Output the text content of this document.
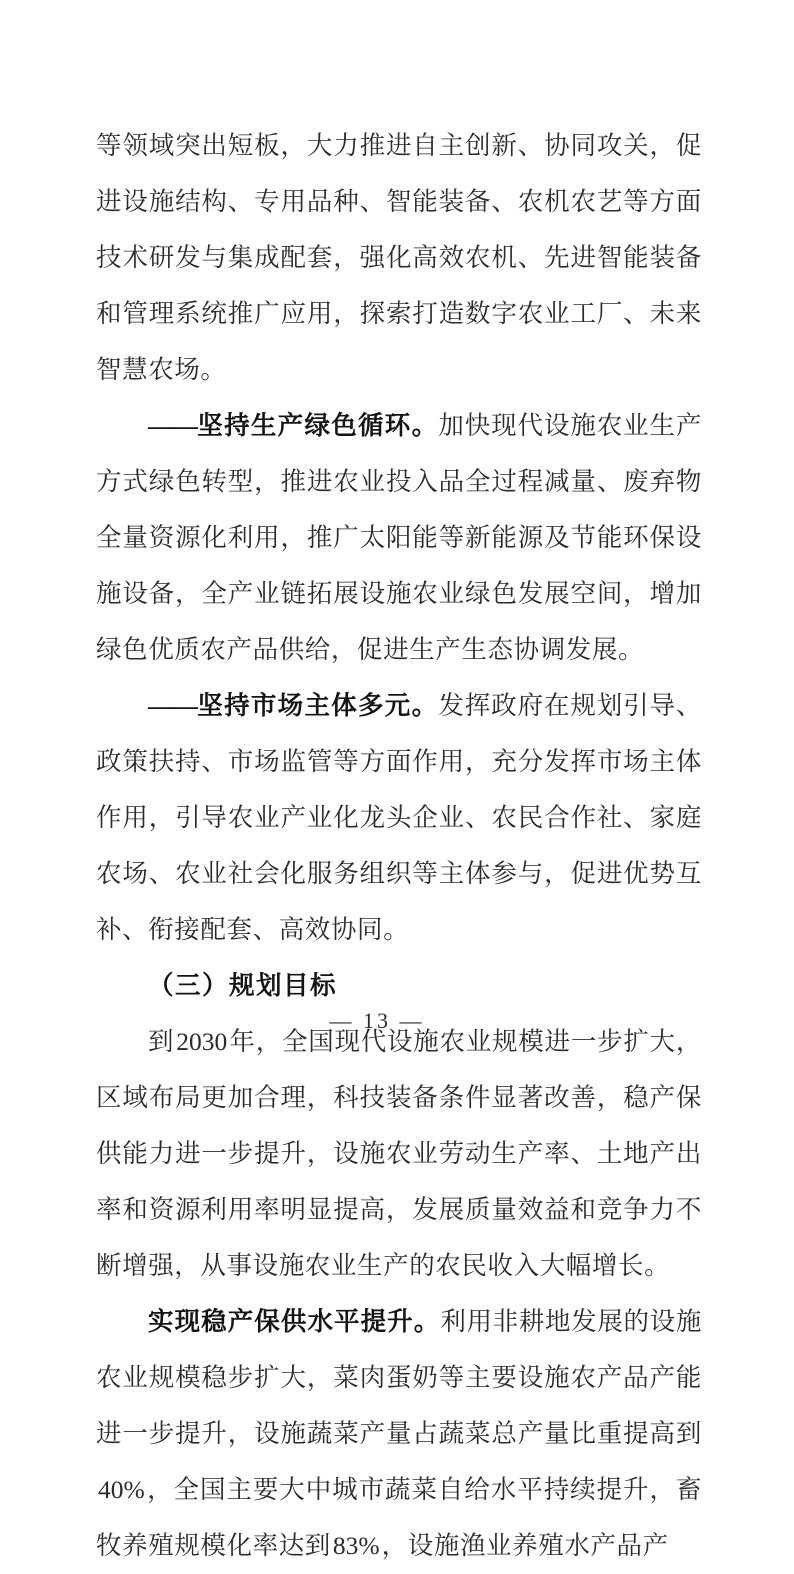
等领域突出短板，大力推进自主创新、协同攻关，促进设施结构、专用品种、智能装备、农机农艺等方面技术研发与集成配套，强化高效农机、先进智能装备和管理系统推广应用，探索打造数字农业工厂、未来智慧农场。

——坚持生产绿色循环。加快现代设施农业生产方式绿色转型，推进农业投入品全过程减量、废弃物全量资源化利用，推广太阳能等新能源及节能环保设施设备，全产业链拓展设施农业绿色发展空间，增加绿色优质农产品供给，促进生产生态协调发展。

——坚持市场主体多元。发挥政府在规划引导、政策扶持、市场监管等方面作用，充分发挥市场主体作用，引导农业产业化龙头企业、农民合作社、家庭农场、农业社会化服务组织等主体参与，促进优势互补、衔接配套、高效协同。

（三）规划目标

到2030年，全国现代设施农业规模进一步扩大，区域布局更加合理，科技装备条件显著改善，稳产保供能力进一步提升，设施农业劳动生产率、土地产出率和资源利用率明显提高，发展质量效益和竞争力不断增强，从事设施农业生产的农民收入大幅增长。

实现稳产保供水平提升。利用非耕地发展的设施农业规模稳步扩大，菜肉蛋奶等主要设施农产品产能进一步提升，设施蔬菜产量占蔬菜总产量比重提高到40%，全国主要大中城市蔬菜自给水平持续提升，畜牧养殖规模化率达到83%，设施渔业养殖水产品产

— 13 —
